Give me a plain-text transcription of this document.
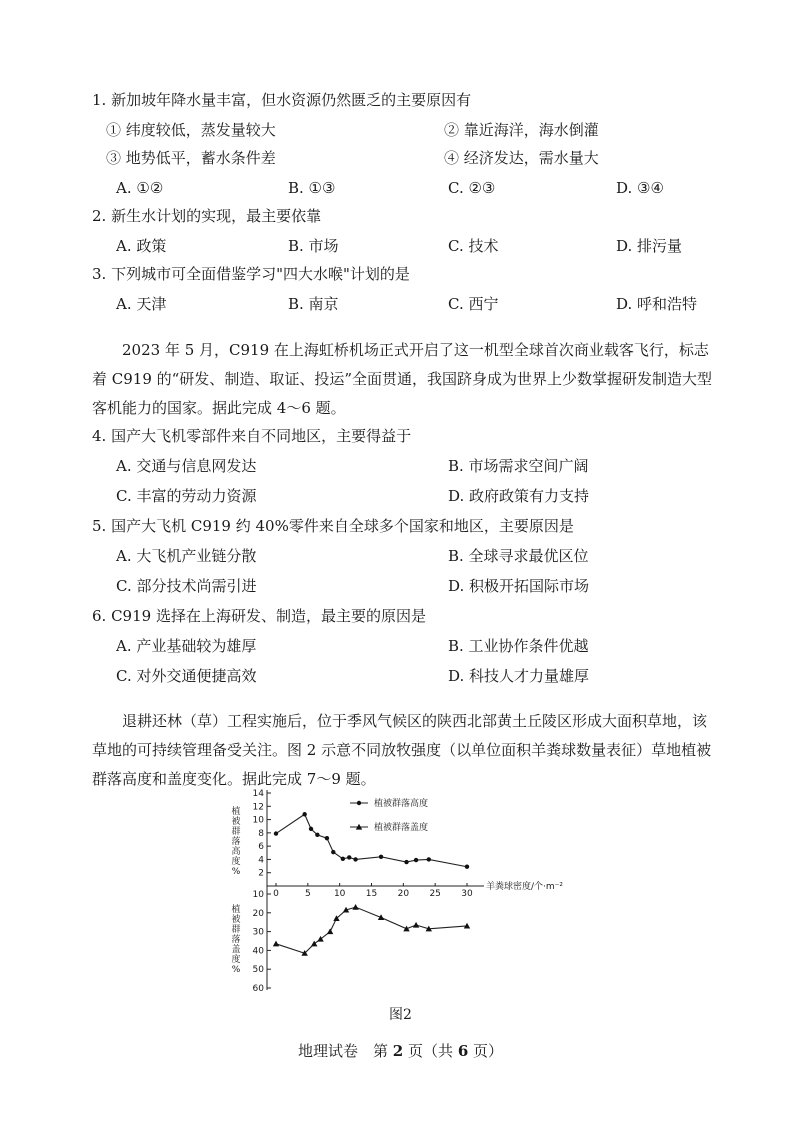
1. 新加坡年降水量丰富，但水资源仍然匮乏的主要原因有
① 纬度较低，蒸发量较大	② 靠近海洋，海水倒灌
③ 地势低平，蓄水条件差	④ 经济发达，需水量大
A. ①②	B. ①③	C. ②③	D. ③④
2. 新生水计划的实现，最主要依靠
A. 政策	B. 市场	C. 技术	D. 排污量
3. 下列城市可全面借鉴学习"四大水喉"计划的是
A. 天津	B. 南京	C. 西宁	D. 呼和浩特

2023 年 5 月，C919 在上海虹桥机场正式开启了这一机型全球首次商业载客飞行，标志着 C919 的“研发、制造、取证、投运”全面贯通，我国跻身成为世界上少数掌握研发制造大型客机能力的国家。据此完成 4～6 题。

4. 国产大飞机零部件来自不同地区，主要得益于
A. 交通与信息网发达	B. 市场需求空间广阔
C. 丰富的劳动力资源	D. 政府政策有力支持
5. 国产大飞机 C919 约 40%零件来自全球多个国家和地区，主要原因是
A. 大飞机产业链分散	B. 全球寻求最优区位
C. 部分技术尚需引进	D. 积极开拓国际市场
6. C919 选择在上海研发、制造，最主要的原因是
A. 产业基础较为雄厚	B. 工业协作条件优越
C. 对外交通便捷高效	D. 科技人才力量雄厚

退耕还林（草）工程实施后，位于季风气候区的陕西北部黄土丘陵区形成大面积草地，该草地的可持续管理备受关注。图 2 示意不同放牧强度（以单位面积羊粪球数量表征）草地植被群落高度和盖度变化。据此完成 7～9 题。

2
4
6
8
10
12
14
10
20
30
40
50
60
0	5	10 15 20 25 30
植被群落高度%
植被群落盖度%
羊粪球密度/个·m⁻²
植被群落高度
植被群落盖度
图2
地理试卷　第 2 页（共 6 页）
